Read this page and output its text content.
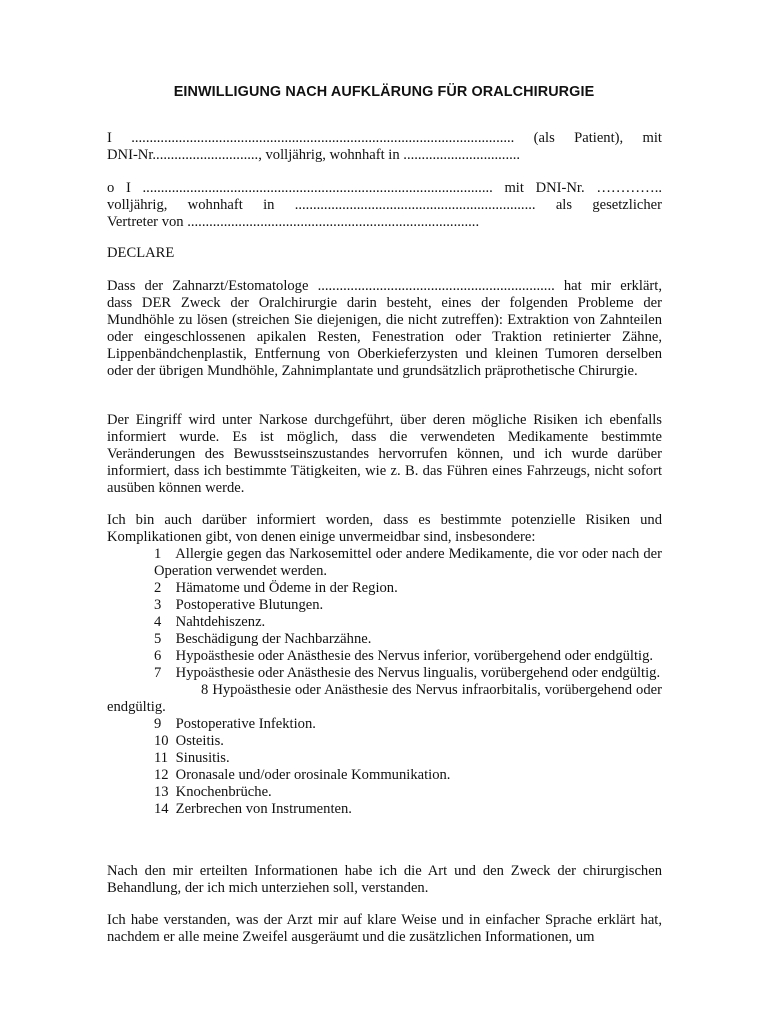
EINWILLIGUNG NACH AUFKLÄRUNG FÜR ORALCHIRURGIE
I ......................................................................................................... (als Patient), mit
DNI-Nr............................., volljährig, wohnhaft in ................................
o I ................................................................................................ mit DNI-Nr. …………..
volljährig, wohnhaft in .................................................................. als gesetzlicher
Vertreter von ................................................................................
DECLARE
Dass der Zahnarzt/Estomatologe ................................................................. hat mir erklärt,
dass DER Zweck der Oralchirurgie darin besteht, eines der folgenden Probleme der Mundhöhle zu lösen (streichen Sie diejenigen, die nicht zutreffen): Extraktion von Zahnteilen oder eingeschlossenen apikalen Resten, Fenestration oder Traktion retinierter Zähne, Lippenbändchenplastik, Entfernung von Oberkieferzysten und kleinen Tumoren derselben oder der übrigen Mundhöhle, Zahnimplantate und grundsätzlich präprothetische Chirurgie.
Der Eingriff wird unter Narkose durchgeführt, über deren mögliche Risiken ich ebenfalls informiert wurde. Es ist möglich, dass die verwendeten Medikamente bestimmte Veränderungen des Bewusstseinszustandes hervorrufen können, und ich wurde darüber informiert, dass ich bestimmte Tätigkeiten, wie z. B. das Führen eines Fahrzeugs, nicht sofort ausüben können werde.
Ich bin auch darüber informiert worden, dass es bestimmte potenzielle Risiken und Komplikationen gibt, von denen einige unvermeidbar sind, insbesondere:
1 Allergie gegen das Narkosemittel oder andere Medikamente, die vor oder nach der Operation verwendet werden.
2 Hämatome und Ödeme in der Region.
3 Postoperative Blutungen.
4 Nahtdehiszenz.
5 Beschädigung der Nachbarzähne.
6 Hypoästhesie oder Anästhesie des Nervus inferior, vorübergehend oder endgültig.
7 Hypoästhesie oder Anästhesie des Nervus lingualis, vorübergehend oder endgültig.
8 Hypoästhesie oder Anästhesie des Nervus infraorbitalis, vorübergehend oder endgültig.
9 Postoperative Infektion.
10 Osteitis.
11 Sinusitis.
12 Oronasale und/oder orosinale Kommunikation.
13 Knochenbrüche.
14 Zerbrechen von Instrumenten.
Nach den mir erteilten Informationen habe ich die Art und den Zweck der chirurgischen Behandlung, der ich mich unterziehen soll, verstanden.
Ich habe verstanden, was der Arzt mir auf klare Weise und in einfacher Sprache erklärt hat, nachdem er alle meine Zweifel ausgeräumt und die zusätzlichen Informationen, um
